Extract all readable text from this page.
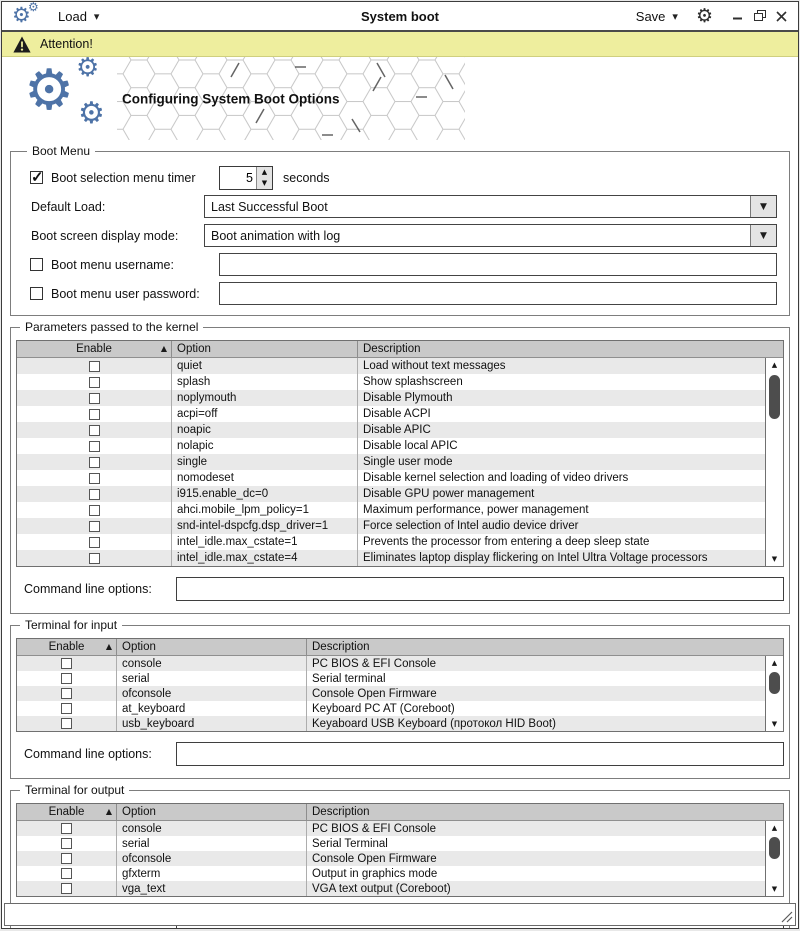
⚙
⚙
Load ▾	System boot	Save ▾ ⚙
Attention!
⚙ ⚙
⚙ Configuring System Boot Options
Boot Menu
✓ Boot selection menu timer
5	▲
▼ seconds
Default Load:	Last Successful Boot	▼
Boot screen display mode:	Boot animation with log	▼
Boot menu username:
Boot menu user password:
Parameters passed to the kernel
Enable	▲ Option	Description
quiet	Load without text messages
splash	Show splashscreen
noplymouth	Disable Plymouth
acpi=off	Disable ACPI
noapic	Disable APIC
nolapic	Disable local APIC
single	Single user mode
nomodeset	Disable kernel selection and loading of video drivers
i915.enable_dc=0	Disable GPU power management
ahci.mobile_lpm_policy=1	Maximum performance, power management
snd-intel-dspcfg.dsp_driver=1	Force selection of Intel audio device driver
intel_idle.max_cstate=1	Prevents the processor from entering a deep sleep state
intel_idle.max_cstate=4	Eliminates laptop display flickering on Intel Ultra Voltage processors
▲
▼
Command line options:
Terminal for input
Enable	▲ Option	Description
console	PC BIOS & EFI Console
serial	Serial terminal
ofconsole	Console Open Firmware
at_keyboard	Keyboard PC AT (Coreboot)
usb_keyboard	Keyaboard USB Keyboard (протокол HID Boot)
▲
▼
Command line options:
Terminal for output
Enable	▲ Option	Description
console	PC BIOS & EFI Console
serial	Serial Terminal
ofconsole	Console Open Firmware
gfxterm	Output in graphics mode
vga_text	VGA text output (Coreboot)
▲
▼
